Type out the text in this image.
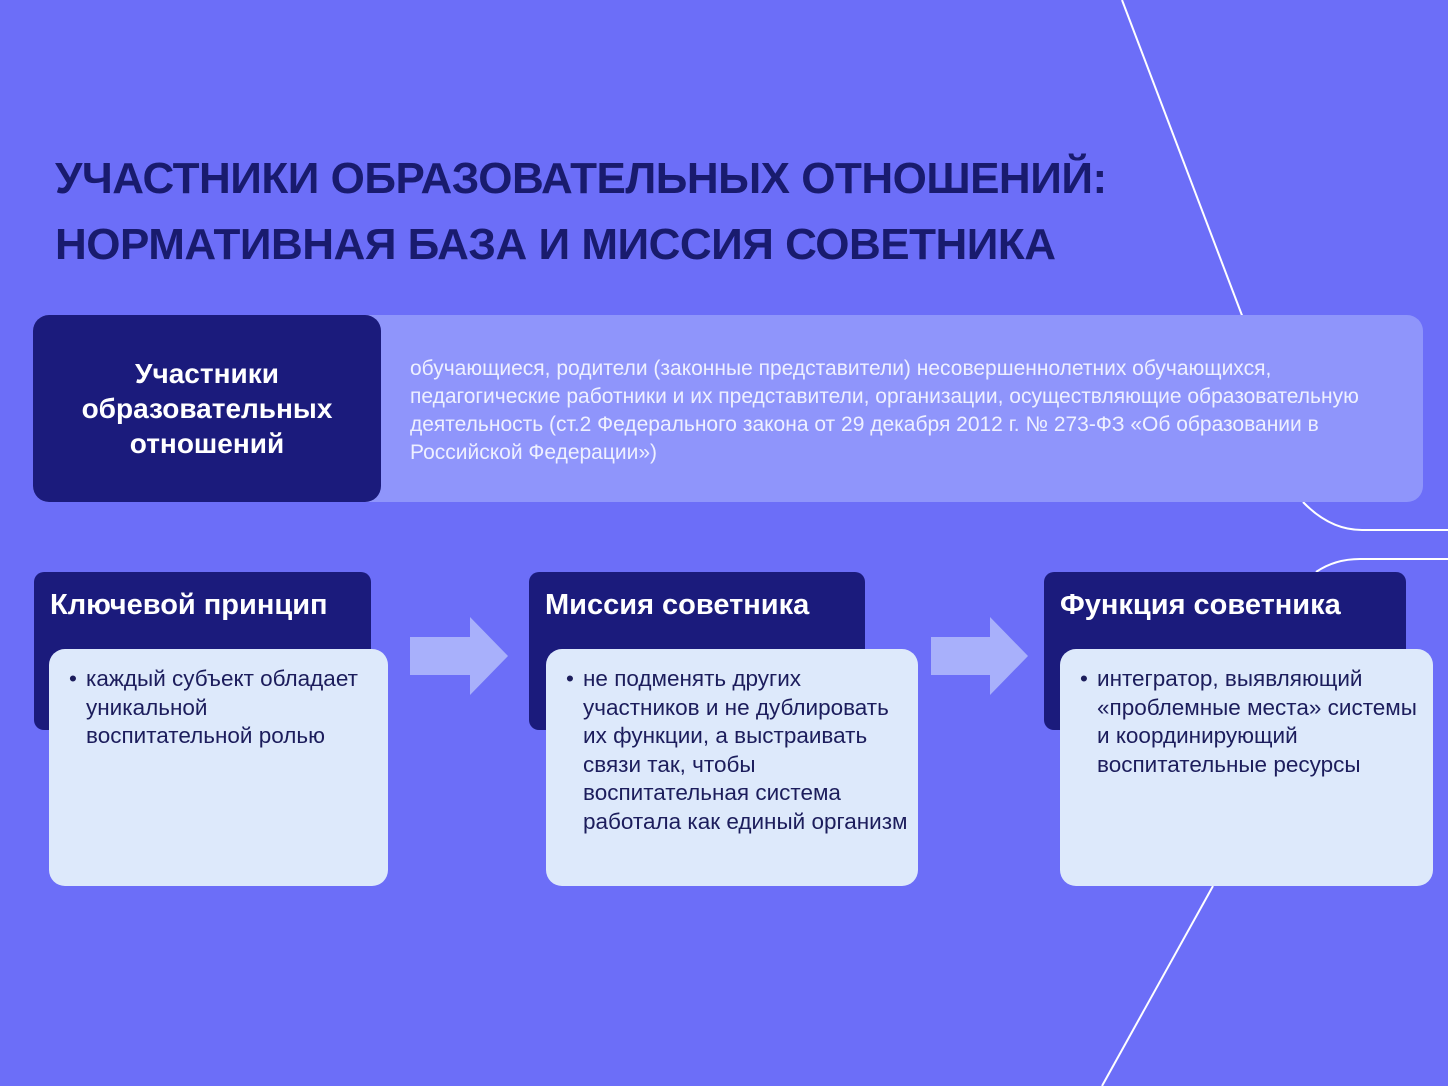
УЧАСТНИКИ ОБРАЗОВАТЕЛЬНЫХ ОТНОШЕНИЙ:
НОРМАТИВНАЯ БАЗА И МИССИЯ СОВЕТНИКА
Участники образовательных отношений
обучающиеся, родители (законные представители) несовершеннолетних обучающихся, педагогические работники и их представители, организации, осуществляющие образовательную деятельность (ст.2 Федерального закона от 29 декабря 2012 г. № 273-ФЗ «Об образовании в Российской Федерации»)
Ключевой принцип
• каждый субъект обладает уникальной воспитательной ролью
Миссия советника
• не подменять других участников и не дублировать их функции, а выстраивать связи так, чтобы воспитательная система работала как единый организм
Функция советника
• интегратор, выявляющий «проблемные места» системы и координирующий воспитательные ресурсы
